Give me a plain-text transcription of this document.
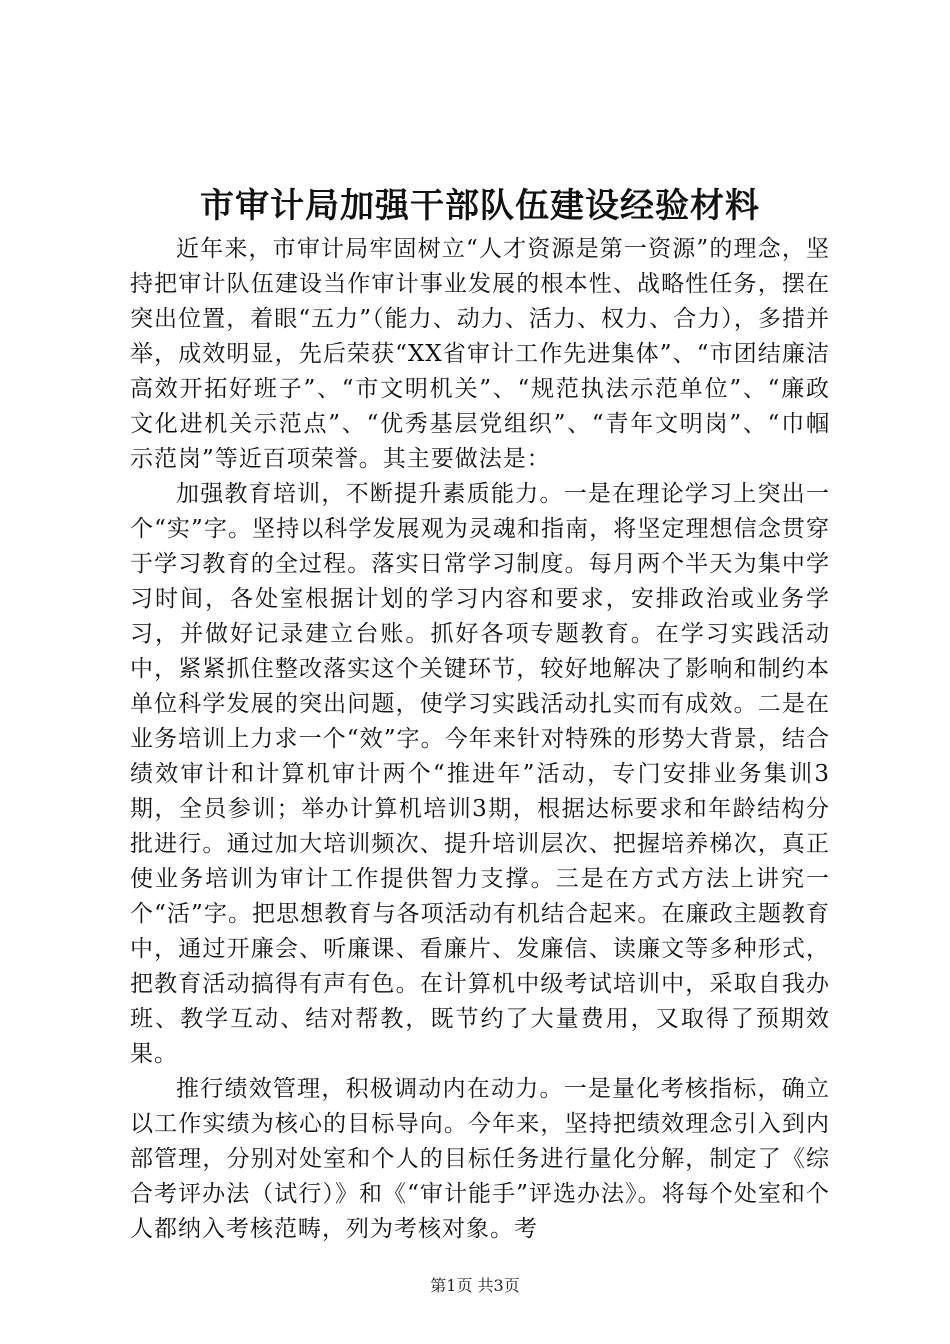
市审计局加强干部队伍建设经验材料

近年来，市审计局牢固树立“人才资源是第一资源”的理念，坚持把审计队伍建设当作审计事业发展的根本性、战略性任务，摆在突出位置，着眼“五力”（能力、动力、活力、权力、合力），多措并举，成效明显，先后荣获“XX省审计工作先进集体”、“市团结廉洁高效开拓好班子”、“市文明机关”、“规范执法示范单位”、“廉政文化进机关示范点”、“优秀基层党组织”、“青年文明岗”、“巾帼示范岗”等近百项荣誉。其主要做法是：

加强教育培训，不断提升素质能力。一是在理论学习上突出一个“实”字。坚持以科学发展观为灵魂和指南，将坚定理想信念贯穿于学习教育的全过程。落实日常学习制度。每月两个半天为集中学习时间，各处室根据计划的学习内容和要求，安排政治或业务学习，并做好记录建立台账。抓好各项专题教育。在学习实践活动中，紧紧抓住整改落实这个关键环节，较好地解决了影响和制约本单位科学发展的突出问题，使学习实践活动扎实而有成效。二是在业务培训上力求一个“效”字。今年来针对特殊的形势大背景，结合绩效审计和计算机审计两个“推进年”活动，专门安排业务集训3期，全员参训；举办计算机培训3期，根据达标要求和年龄结构分批进行。通过加大培训频次、提升培训层次、把握培养梯次，真正使业务培训为审计工作提供智力支撑。三是在方式方法上讲究一个“活”字。把思想教育与各项活动有机结合起来。在廉政主题教育中，通过开廉会、听廉课、看廉片、发廉信、读廉文等多种形式，把教育活动搞得有声有色。在计算机中级考试培训中，采取自我办班、教学互动、结对帮教，既节约了大量费用，又取得了预期效果。

推行绩效管理，积极调动内在动力。一是量化考核指标，确立以工作实绩为核心的目标导向。今年来，坚持把绩效理念引入到内部管理，分别对处室和个人的目标任务进行量化分解，制定了《综合考评办法（试行）》和《“审计能手”评选办法》。将每个处室和个人都纳入考核范畴，列为考核对象。考

第1页 共3页
